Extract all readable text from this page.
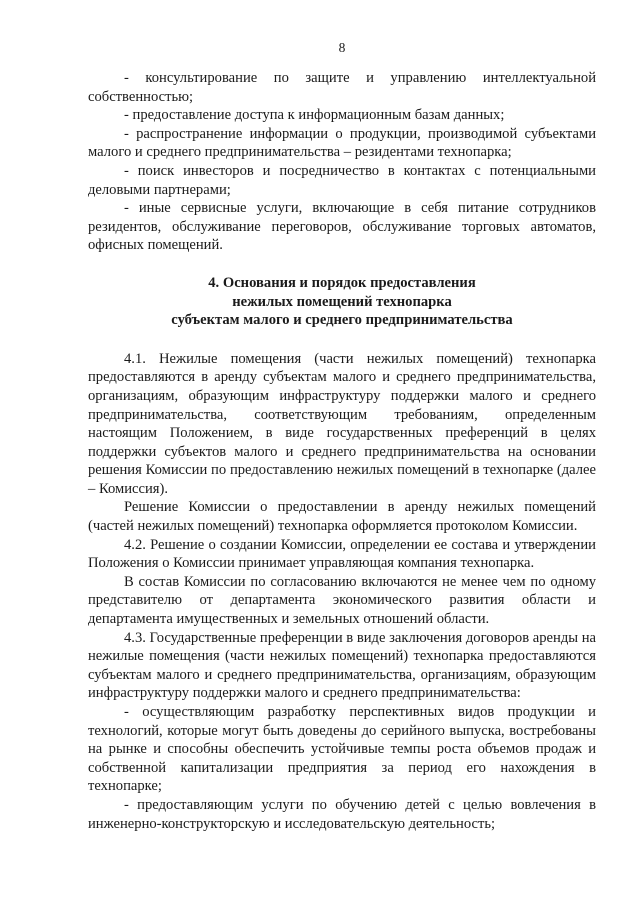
8

- консультирование по защите и управлению интеллектуальной собственностью;

- предоставление доступа к информационным базам данных;

- распространение информации о продукции, производимой субъектами малого и среднего предпринимательства – резидентами технопарка;

- поиск инвесторов и посредничество в контактах с потенциальными деловыми партнерами;

- иные сервисные услуги, включающие в себя питание сотрудников резидентов, обслуживание переговоров, обслуживание торговых автоматов, офисных помещений.

4. Основания и порядок предоставления
нежилых помещений технопарка
субъектам малого и среднего предпринимательства

4.1. Нежилые помещения (части нежилых помещений) технопарка предоставляются в аренду субъектам малого и среднего предпринимательства, организациям, образующим инфраструктуру поддержки малого и среднего предпринимательства, соответствующим требованиям, определенным настоящим Положением, в виде государственных преференций в целях поддержки субъектов малого и среднего предпринимательства на основании решения Комиссии по предоставлению нежилых помещений в технопарке (далее – Комиссия).

Решение Комиссии о предоставлении в аренду нежилых помещений (частей нежилых помещений) технопарка оформляется протоколом Комиссии.

4.2. Решение о создании Комиссии, определении ее состава и утверждении Положения о Комиссии принимает управляющая компания технопарка.

В состав Комиссии по согласованию включаются не менее чем по одному представителю от департамента экономического развития области и департамента имущественных и земельных отношений области.

4.3. Государственные преференции в виде заключения договоров аренды на нежилые помещения (части нежилых помещений) технопарка предоставляются субъектам малого и среднего предпринимательства, организациям, образующим инфраструктуру поддержки малого и среднего предпринимательства:

- осуществляющим разработку перспективных видов продукции и технологий, которые могут быть доведены до серийного выпуска, востребованы на рынке и способны обеспечить устойчивые темпы роста объемов продаж и собственной капитализации предприятия за период его нахождения в технопарке;

- предоставляющим услуги по обучению детей с целью вовлечения в инженерно-конструкторскую и исследовательскую деятельность;
